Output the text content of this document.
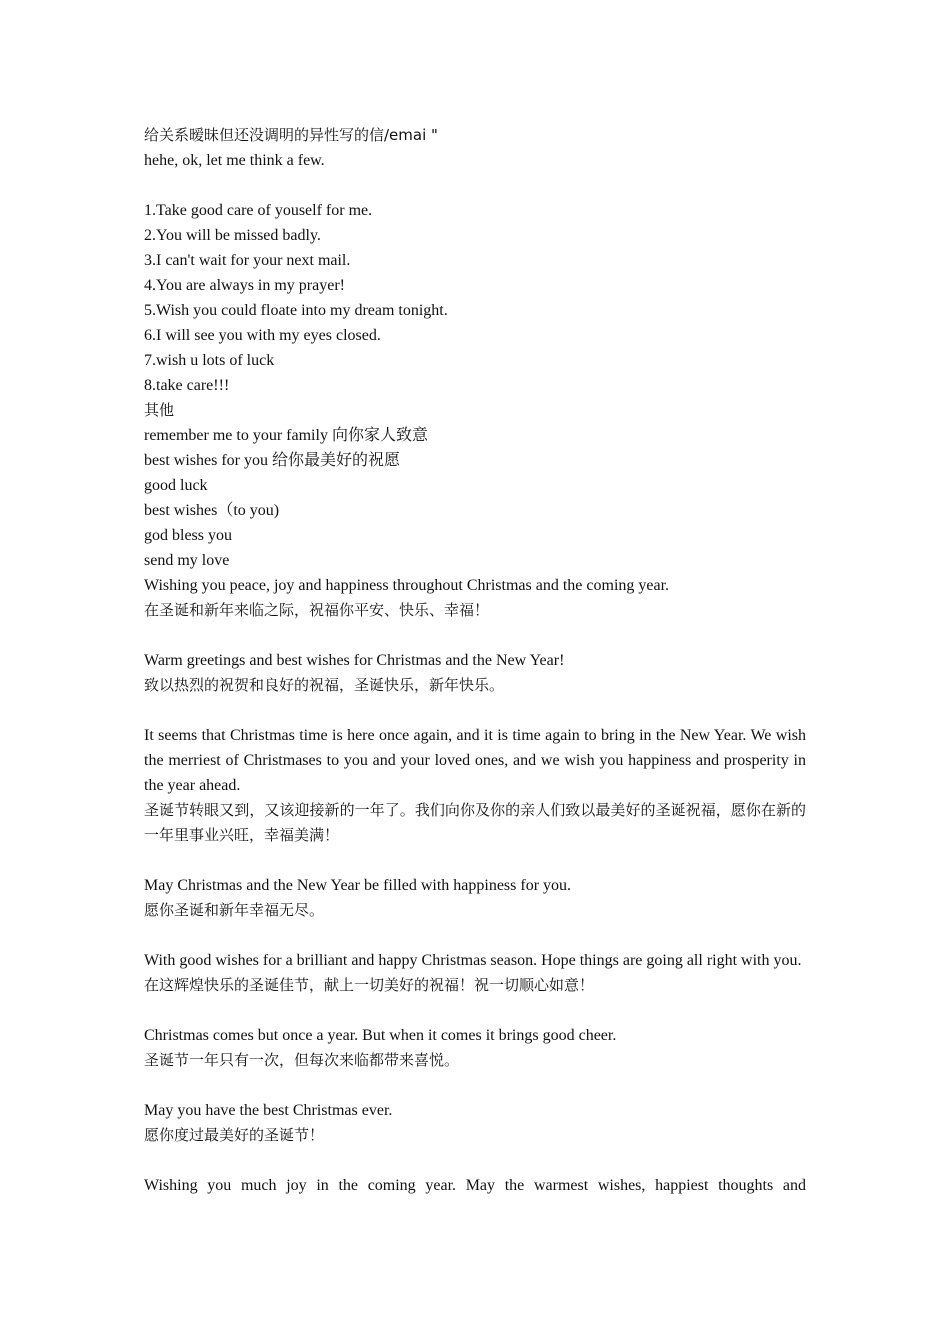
给关系暧昧但还没调明的异性写的信/emai "
hehe, ok, let me think a few.
1.Take good care of youself for me.
2.You will be missed badly.
3.I can't wait for your next mail.
4.You are always in my prayer!
5.Wish you could floate into my dream tonight.
6.I will see you with my eyes closed.
7.wish u lots of luck
8.take care!!!
其他
remember me to your family 向你家人致意
best wishes for you 给你最美好的祝愿
good luck
best wishes（to you)
god bless you
send my love
Wishing you peace, joy and happiness throughout Christmas and the coming year.
在圣诞和新年来临之际，祝福你平安、快乐、幸福！
Warm greetings and best wishes for Christmas and the New Year!
致以热烈的祝贺和良好的祝福，圣诞快乐，新年快乐。
It seems that Christmas time is here once again, and it is time again to bring in the New Year. We wish the merriest of Christmases to you and your loved ones, and we wish you happiness and prosperity in the year ahead.
圣诞节转眼又到，又该迎接新的一年了。我们向你及你的亲人们致以最美好的圣诞祝福，愿你在新的一年里事业兴旺，幸福美满！
May Christmas and the New Year be filled with happiness for you.
愿你圣诞和新年幸福无尽。
With good wishes for a brilliant and happy Christmas season. Hope things are going all right with you.
在这辉煌快乐的圣诞佳节，献上一切美好的祝福！祝一切顺心如意！
Christmas comes but once a year. But when it comes it brings good cheer.
圣诞节一年只有一次，但每次来临都带来喜悦。
May you have the best Christmas ever.
愿你度过最美好的圣诞节！
Wishing you much joy in the coming year. May the warmest wishes, happiest thoughts and
